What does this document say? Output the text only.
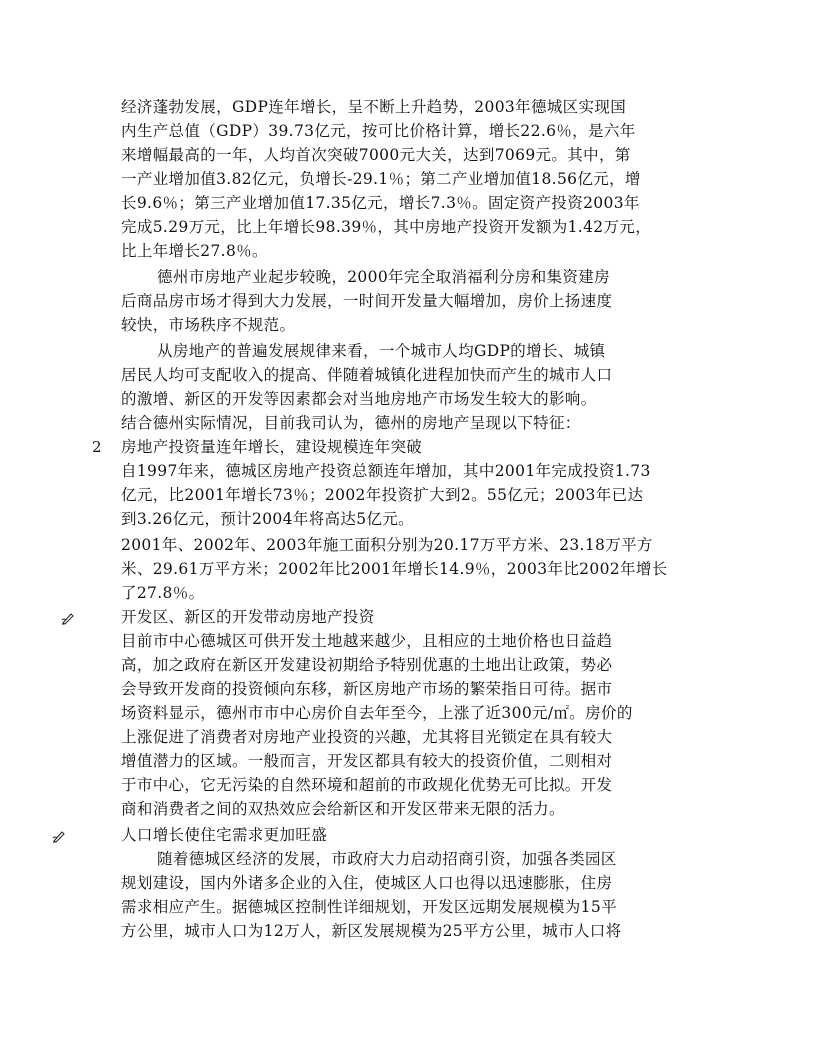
经济蓬勃发展，GDP连年增长，呈不断上升趋势，2003年德城区实现国
内生产总值（GDP）39.73亿元，按可比价格计算，增长22.6％，是六年
来增幅最高的一年，人均首次突破7000元大关，达到7069元。其中，第
一产业增加值3.82亿元，负增长-29.1％；第二产业增加值18.56亿元，增
长9.6％；第三产业增加值17.35亿元，增长7.3％。固定资产投资2003年
完成5.29万元，比上年增长98.39％，其中房地产投资开发额为1.42万元，
比上年增长27.8％。
德州市房地产业起步较晚，2000年完全取消福利分房和集资建房
后商品房市场才得到大力发展，一时间开发量大幅增加，房价上扬速度
较快，市场秩序不规范。
从房地产的普遍发展规律来看，一个城市人均GDP的增长、城镇
居民人均可支配收入的提高、伴随着城镇化进程加快而产生的城市人口
的激增、新区的开发等因素都会对当地房地产市场发生较大的影响。
结合德州实际情况，目前我司认为，德州的房地产呈现以下特征：
2 房地产投资量连年增长，建设规模连年突破
自1997年来，德城区房地产投资总额连年增加，其中2001年完成投资1.73
亿元，比2001年增长73％；2002年投资扩大到2。55亿元；2003年已达
到3.26亿元，预计2004年将高达5亿元。
2001年、2002年、2003年施工面积分别为20.17万平方米、23.18万平方
米、29.61万平方米；2002年比2001年增长14.9％，2003年比2002年增长
了27.8％。
开发区、新区的开发带动房地产投资
目前市中心德城区可供开发土地越来越少，且相应的土地价格也日益趋
高，加之政府在新区开发建设初期给予特别优惠的土地出让政策，势必
会导致开发商的投资倾向东移，新区房地产市场的繁荣指日可待。据市
场资料显示，德州市市中心房价自去年至今，上涨了近300元/㎡。房价的
上涨促进了消费者对房地产业投资的兴趣，尤其将目光锁定在具有较大
增值潜力的区域。一般而言，开发区都具有较大的投资价值，二则相对
于市中心，它无污染的自然环境和超前的市政规化优势无可比拟。开发
商和消费者之间的双热效应会给新区和开发区带来无限的活力。
人口增长使住宅需求更加旺盛
随着德城区经济的发展，市政府大力启动招商引资，加强各类园区
规划建设，国内外诸多企业的入住，使城区人口也得以迅速膨胀，住房
需求相应产生。据德城区控制性详细规划，开发区远期发展规模为15平
方公里，城市人口为12万人，新区发展规模为25平方公里，城市人口将
